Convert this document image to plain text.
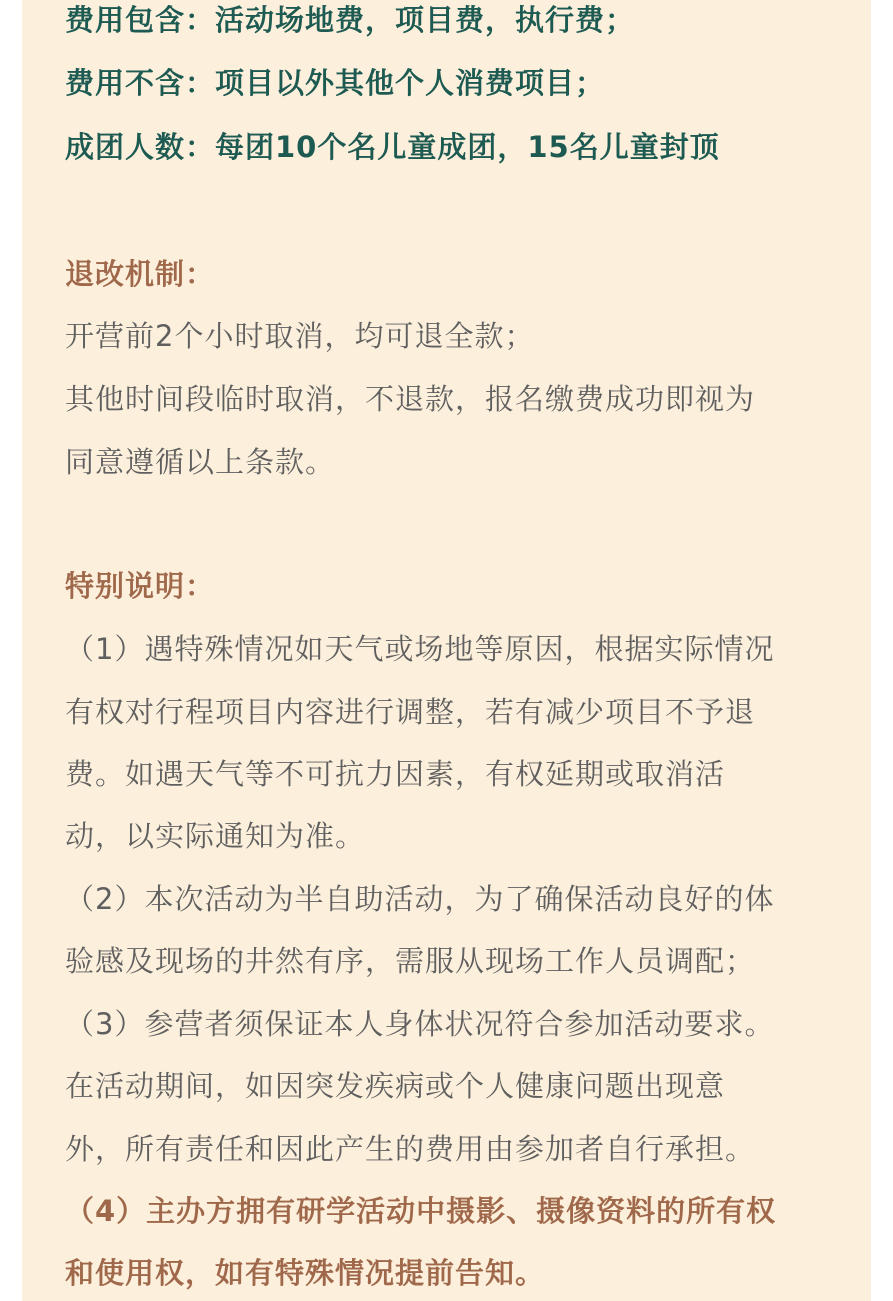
费用包含：活动场地费，项目费，执行费；
费用不含：项目以外其他个人消费项目；
成团人数：每团10个名儿童成团，15名儿童封顶
退改机制：
开营前2个小时取消，均可退全款；
其他时间段临时取消，不退款，报名缴费成功即视为
同意遵循以上条款。
特别说明：
（1）遇特殊情况如天气或场地等原因，根据实际情况
有权对行程项目内容进行调整，若有减少项目不予退
费。如遇天气等不可抗力因素，有权延期或取消活
动，以实际通知为准。
（2）本次活动为半自助活动，为了确保活动良好的体
验感及现场的井然有序，需服从现场工作人员调配；
（3）参营者须保证本人身体状况符合参加活动要求。
在活动期间，如因突发疾病或个人健康问题出现意
外，所有责任和因此产生的费用由参加者自行承担。
（4）主办方拥有研学活动中摄影、摄像资料的所有权
和使用权，如有特殊情况提前告知。
